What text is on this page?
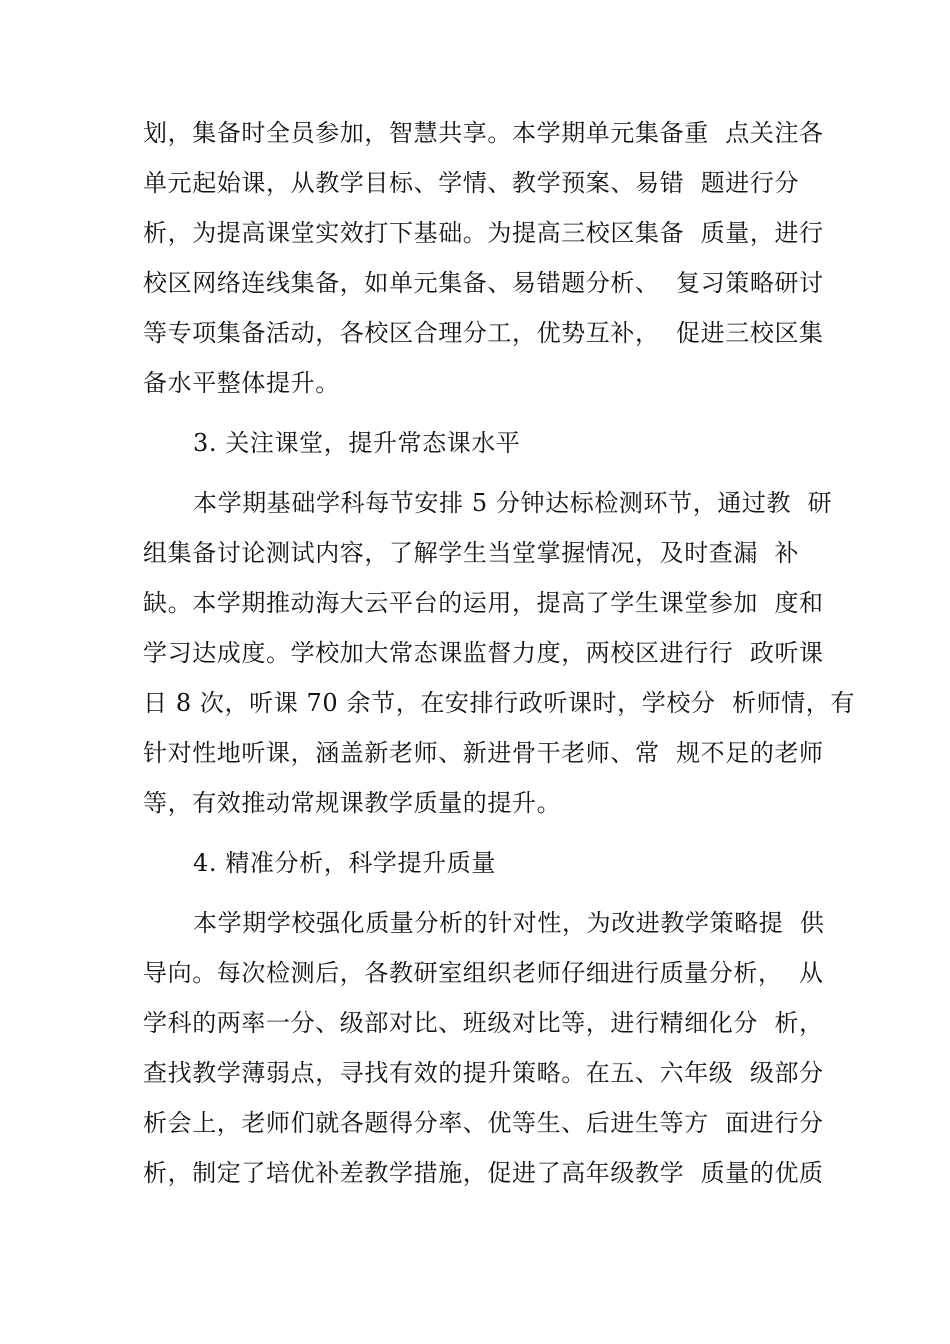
划，集备时全员参加，智慧共享。本学期单元集备重  点关注各
单元起始课，从教学目标、学情、教学预案、易错  题进行分
析，为提高课堂实效打下基础。为提高三校区集备  质量，进行
校区网络连线集备，如单元集备、易错题分析、  复习策略研讨
等专项集备活动，各校区合理分工，优势互补，  促进三校区集
备水平整体提升。
3. 关注课堂，提升常态课水平
本学期基础学科每节安排 5 分钟达标检测环节，通过教  研
组集备讨论测试内容，了解学生当堂掌握情况，及时查漏  补
缺。本学期推动海大云平台的运用，提高了学生课堂参加  度和
学习达成度。学校加大常态课监督力度，两校区进行行  政听课
日 8 次，听课 70 余节，在安排行政听课时，学校分  析师情，有
针对性地听课，涵盖新老师、新进骨干老师、常  规不足的老师
等，有效推动常规课教学质量的提升。
4. 精准分析，科学提升质量
本学期学校强化质量分析的针对性，为改进教学策略提  供
导向。每次检测后，各教研室组织老师仔细进行质量分析，  从
学科的两率一分、级部对比、班级对比等，进行精细化分  析，
查找教学薄弱点，寻找有效的提升策略。在五、六年级  级部分
析会上，老师们就各题得分率、优等生、后进生等方  面进行分
析，制定了培优补差教学措施，促进了高年级教学  质量的优质
